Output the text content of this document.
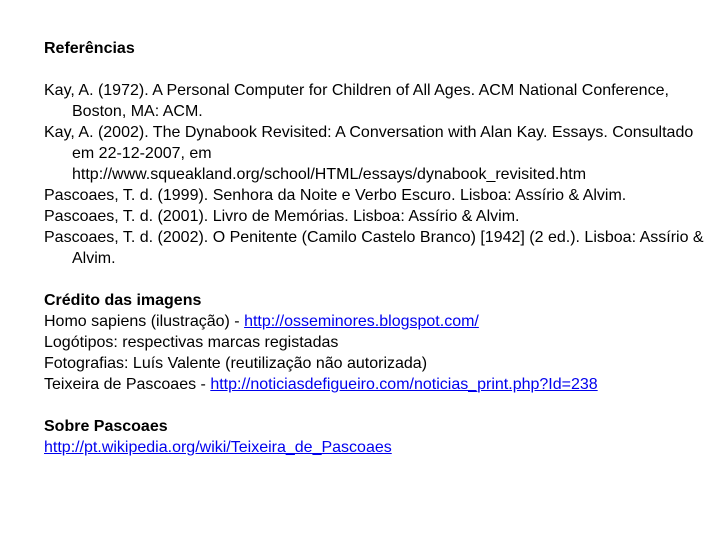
Referências

Kay, A. (1972). A Personal Computer for Children of All Ages. ACM National Conference, Boston, MA: ACM.

Kay, A. (2002). The Dynabook Revisited: A Conversation with Alan Kay. Essays. Consultado em 22-12-2007, em http://www.squeakland.org/school/HTML/essays/dynabook_revisited.htm

Pascoaes, T. d. (1999). Senhora da Noite e Verbo Escuro. Lisboa: Assírio & Alvim.

Pascoaes, T. d. (2001). Livro de Memórias. Lisboa: Assírio & Alvim.

Pascoaes, T. d. (2002). O Penitente (Camilo Castelo Branco) [1942] (2 ed.). Lisboa: Assírio & Alvim.

Crédito das imagens

Homo sapiens (ilustração) - http://osseminores.blogspot.com/

Logótipos: respectivas marcas registadas

Fotografias: Luís Valente (reutilização não autorizada)

Teixeira de Pascoaes - http://noticiasdefigueiro.com/noticias_print.php?Id=238

Sobre Pascoaes

http://pt.wikipedia.org/wiki/Teixeira_de_Pascoaes
